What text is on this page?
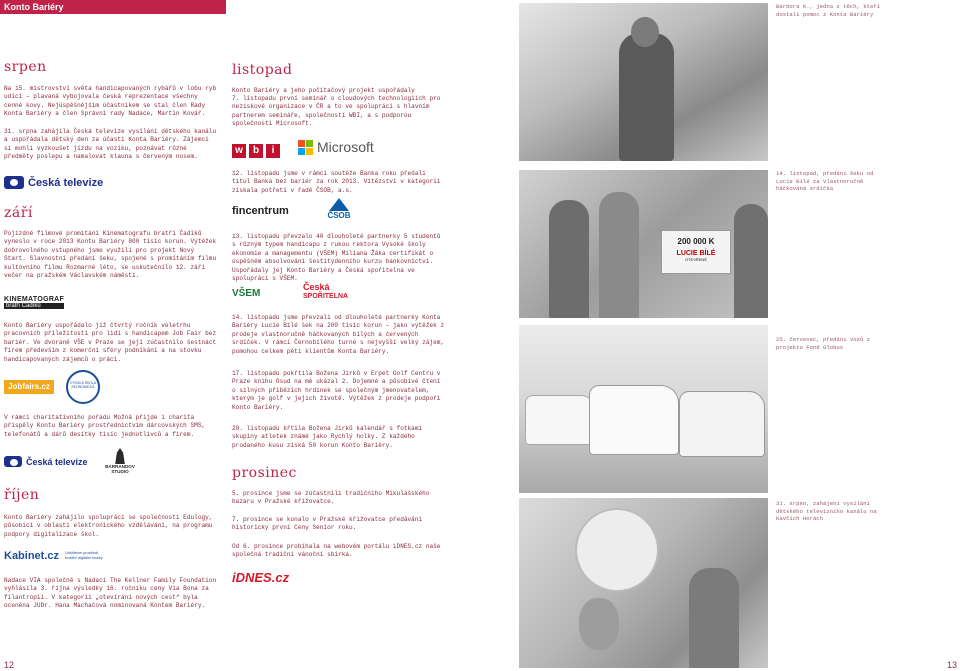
Konto Bariéry
srpen
Na 15. mistrovství světa handicapovaných rybářů v lobu ryb udicí – plavaná vybojovala česká reprezentace všechny cenné kovy. Nejúspěšnějším účastníkem se stal člen Rady Konta Bariéry a člen Správní rady Nadace, Martin Kovář.
31. srpna zahájila Česká televize vysílání dětského kanálu a uspořádala dětský den za účasti Konta Bariéry. Zájemci si mohli vyzkoušet jízdu na vozíku, poznávat různé předměty poslepu a namalovat klauna s červeným nosem.
Česká televize
září
Pojízdné filmové promítání Kinematografu bratří Čadíků vyneslo v roce 2013 Kontu Bariéry 800 tisíc korun. Výtěžek dobrovolného vstupného jsme využili pro projekt Nový Start. Slavnostní předání šeku, spojené s promítáním filmu kultovního filmu Rozmarné léto, se uskutečnilo 12. září večer na pražském Václavském náměstí.
KINEMATOGRAF
bratří Čadíků
Konto Bariéry uspořádalo již čtvrtý ročník veletrhu pracovních příležitostí pro lidi s handicapem Job Fair bez bariér. Ve dvoraně VŠE v Praze se její zúčastnilo šestnáct firem především z komerční sféry podnikání a na stovku handicapovaných zájemců o práci.
Jobfairs.cz	VYSOKÁ ŠKOLA
EKONOMICKÁ
V rámci charitativního pořadu Možná přijde i charita přispěly Kontu Bariéry prostřednictvím dárcovských SMS, telefonátů a dárů desítky tisíc jednotlivců a firem.
Česká televize	BARRANDOV STUDIO
říjen
Konto Bariéry zahájilo spolupráci se společností Edulogy, působící v oblasti elektronického vzdělávání, na programu podpory digitalizace škol.
Kabinet.cz Udržitelné prostředí, kvalitní digitální služby
Nadace VIA společně s Nadací The Kellner Family Foundation vyhlásila 3. října výsledky 16. ročníku ceny Via Bona za filantropii. V kategorii „otevírání nových cest“ byla oceněna JUDr. Hana Machačová nominovaná Kontem Bariéry.
12
listopad
Konto Bariéry a jeho počítačový projekt uspořádaly
7. listopadu první seminář o cloudových technologiích pro neziskové organizace v ČR a to ve spolupráci s hlavním partnerem semináře, společností WBI, a s podporou společnosti Microsoft.
w b i	Microsoft
12. listopadu jsme v rámci soutěže Banka roku předali titul Banka bez bariér za rok 2013. Vítězství v kategorii získala potřetí v řadě ČSOB, a.s.
fincentrum	ČSOB
13. listopadu převzalo 40 dlouholeté partnerky 5 studentů s různým typem handicapu z rukou rektora Vysoké školy ekonomie a managementu (VŠEM) Miliana Žáka certifikát o úspěšném absolvování šestitýdenního kurzu bankovnictví. Uspořádaly jej Konto Bariéry a Česká spořitelna ve spolupráci s VŠEM.
VŠEM
Česká
SPOŘITELNA
14. listopadu jsme převzali od dlouholeté partnerky Konta Bariéry Lucie Bílé šek na 200 tisíc korun – jako výtěžek z prodeje vlastnoručně háčkovaných bílých a červených srdíček. V rámci Černobílého turné s nejvyšší velký zájem, pomohou celkem pěti klientům Konta Bariéry.
17. listopadu pokřtila Božena Jirků v Erpet Golf Centru v Praze knihu Osud na mě ukázal 2. Dojemné a působivé čtení o silných příbězích hrdinek se společným jmenovatelem, kterým je golf v jejich životě. Výtěžek z prodeje podpoří Konto Bariéry.
20. listopadu křtila Božena Jirků kalendář s fotkami skupiny atletek známé jako Rychlý holky. Z každého prodaného kusu získá 50 korun Konto Bariéry.
prosinec
5. prosince jsme se zúčastnili tradičního Mikulášského bazaru v Pražské křižovatce.
7. prosince se konalo v Pražské křižovatce předávání historicky první Ceny Senior roku.
Od 6. prosince probíhala na webovém portálu iDNES.cz naše společná tradiční vánoční sbírka.
iDNES.cz
13
Barbora K., jedna z těch, kteří dostali pomoc z Konta Bariéry
200 000 K
LUCIE BÍLÉ
OTEVŘENÉ
14. listopad, předání šeku od Lucie Bílé za vlastnoručně háčkovaná srdíčka
25. červenec, předání vozů z projektu Fond Globus
31. srpen, zahájení vysílání dětského televizního kanálu na Kavčích Horách
